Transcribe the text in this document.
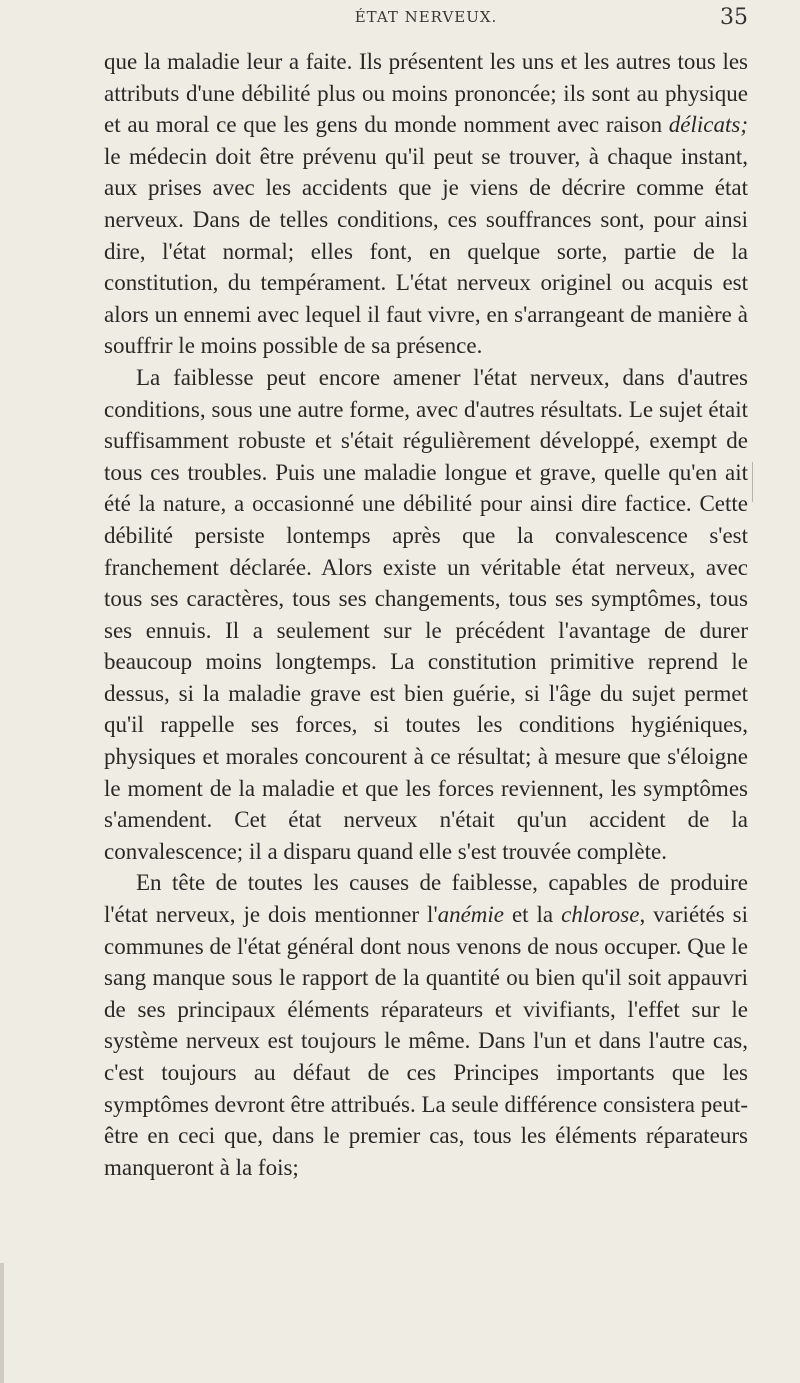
ÉTAT NERVEUX.	35

que la maladie leur a faite. Ils présentent les uns et les autres tous les attributs d'une débilité plus ou moins prononcée; ils sont au physique et au moral ce que les gens du monde nomment avec raison délicats; le médecin doit être prévenu qu'il peut se trouver, à chaque instant, aux prises avec les accidents que je viens de décrire comme état nerveux. Dans de telles conditions, ces souffrances sont, pour ainsi dire, l'état normal; elles font, en quelque sorte, partie de la constitution, du tempérament. L'état nerveux originel ou acquis est alors un ennemi avec lequel il faut vivre, en s'arrangeant de manière à souffrir le moins possible de sa présence.

La faiblesse peut encore amener l'état nerveux, dans d'autres conditions, sous une autre forme, avec d'autres résultats. Le sujet était suffisamment robuste et s'était régulièrement développé, exempt de tous ces troubles. Puis une maladie longue et grave, quelle qu'en ait été la nature, a occasionné une débilité pour ainsi dire factice. Cette débilité persiste lontemps après que la convalescence s'est franchement déclarée. Alors existe un véritable état nerveux, avec tous ses caractères, tous ses changements, tous ses symptômes, tous ses ennuis. Il a seulement sur le précédent l'avantage de durer beaucoup moins longtemps. La constitution primitive reprend le dessus, si la maladie grave est bien guérie, si l'âge du sujet permet qu'il rappelle ses forces, si toutes les conditions hygiéniques, physiques et morales concourent à ce résultat; à mesure que s'éloigne le moment de la maladie et que les forces reviennent, les symptômes s'amendent. Cet état nerveux n'était qu'un accident de la convalescence; il a disparu quand elle s'est trouvée complète.

En tête de toutes les causes de faiblesse, capables de produire l'état nerveux, je dois mentionner l'anémie et la chlorose, variétés si communes de l'état général dont nous venons de nous occuper. Que le sang manque sous le rapport de la quantité ou bien qu'il soit appauvri de ses principaux éléments réparateurs et vivifiants, l'effet sur le système nerveux est toujours le même. Dans l'un et dans l'autre cas, c'est toujours au défaut de ces Principes importants que les symptômes devront être attribués. La seule différence consistera peut-être en ceci que, dans le premier cas, tous les éléments réparateurs manqueront à la fois;
